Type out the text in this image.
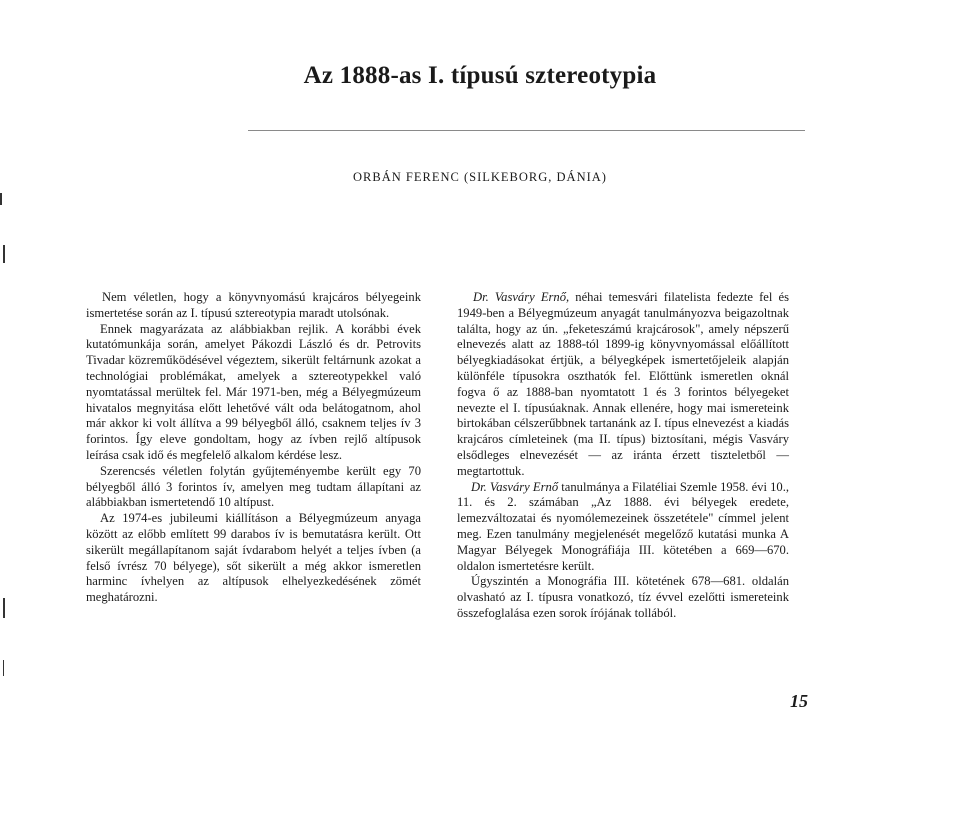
Az 1888-as I. típusú sztereotypia
ORBÁN FERENC (SILKEBORG, DÁNIA)

Nem véletlen, hogy a könyvnyomású krajcáros bélyegeink ismertetése során az I. típusú sztereotypia maradt utolsónak.

Ennek magyarázata az alábbiakban rejlik. A korábbi évek kutatómunkája során, amelyet Pákozdi László és dr. Petrovits Tivadar közreműködésével végeztem, sikerült feltárnunk azokat a technológiai problémákat, amelyek a sztereotypekkel való nyomtatással merültek fel. Már 1971-ben, még a Bélyegmúzeum hivatalos megnyitása előtt lehetővé vált oda belátogatnom, ahol már akkor ki volt állítva a 99 bélyegből álló, csaknem teljes ív 3 forintos. Így eleve gondoltam, hogy az ívben rejlő altípusok leírása csak idő és megfelelő alkalom kérdése lesz.

Szerencsés véletlen folytán gyűjteményembe került egy 70 bélyegből álló 3 forintos ív, amelyen meg tudtam állapítani az alábbiakban ismertetendő 10 altípust.

Az 1974-es jubileumi kiállításon a Bélyegmúzeum anyaga között az előbb említett 99 darabos ív is bemutatásra került. Ott sikerült megállapítanom saját ívdarabom helyét a teljes ívben (a felső ívrész 70 bélyege), sőt sikerült a még akkor ismeretlen harminc ívhelyen az altípusok elhelyezkedésének zömét meghatározni.

Dr. Vasváry Ernő, néhai temesvári filatelista fedezte fel és 1949-ben a Bélyegmúzeum anyagát tanulmányozva beigazoltnak találta, hogy az ún. „feketeszámú krajcárosok", amely népszerű elnevezés alatt az 1888-tól 1899-ig könyvnyomással előállított bélyegkiadásokat értjük, a bélyegképek ismertetőjeleik alapján különféle típusokra oszthatók fel. Előttünk ismeretlen oknál fogva ő az 1888-ban nyomtatott 1 és 3 forintos bélyegeket nevezte el I. típusúaknak. Annak ellenére, hogy mai ismereteink birtokában célszerűbbnek tartanánk az I. típus elnevezést a kiadás krajcáros címleteinek (ma II. típus) biztosítani, mégis Vasváry elsődleges elnevezését — az iránta érzett tiszteletből — megtartottuk.

Dr. Vasváry Ernő tanulmánya a Filatéliai Szemle 1958. évi 10., 11. és 2. számában „Az 1888. évi bélyegek eredete, lemezváltozatai és nyomólemezeinek összetétele" címmel jelent meg. Ezen tanulmány megjelenését megelőző kutatási munka A Magyar Bélyegek Monográfiája III. kötetében a 669—670. oldalon ismertetésre került.

Úgyszintén a Monográfia III. kötetének 678—681. oldalán olvasható az I. típusra vonatkozó, tíz évvel ezelőtti ismereteink összefoglalása ezen sorok írójának tollából.

15
